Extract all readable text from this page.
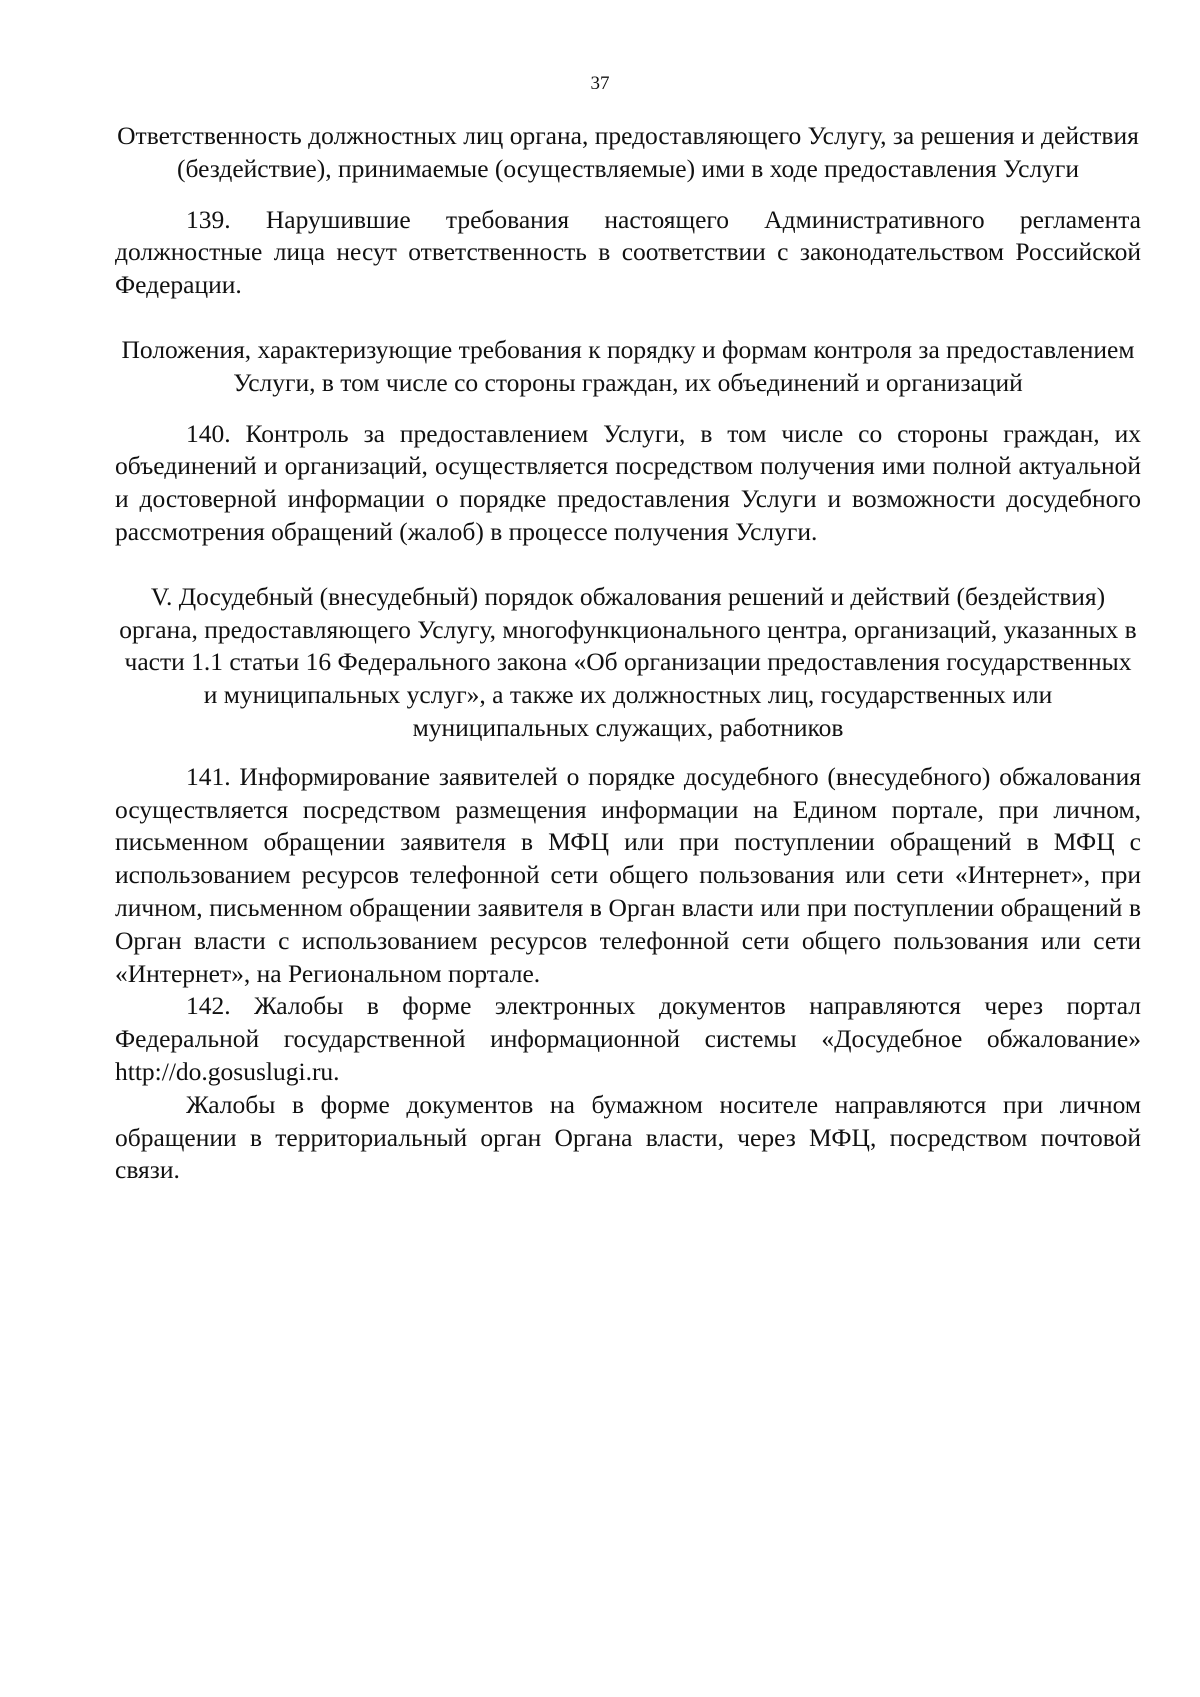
37

Ответственность должностных лиц органа, предоставляющего Услугу, за решения и действия (бездействие), принимаемые (осуществляемые) ими в ходе предоставления Услуги

139. Нарушившие требования настоящего Административного регламента должностные лица несут ответственность в соответствии с законодательством Российской Федерации.

Положения, характеризующие требования к порядку и формам контроля за предоставлением Услуги, в том числе со стороны граждан, их объединений и организаций

140. Контроль за предоставлением Услуги, в том числе со стороны граждан, их объединений и организаций, осуществляется посредством получения ими полной актуальной и достоверной информации о порядке предоставления Услуги и возможности досудебного рассмотрения обращений (жалоб) в процессе получения Услуги.

V. Досудебный (внесудебный) порядок обжалования решений и действий (бездействия) органа, предоставляющего Услугу, многофункционального центра, организаций, указанных в части 1.1 статьи 16 Федерального закона «Об организации предоставления государственных и муниципальных услуг», а также их должностных лиц, государственных или муниципальных служащих, работников

141. Информирование заявителей о порядке досудебного (внесудебного) обжалования осуществляется посредством размещения информации на Едином портале, при личном, письменном обращении заявителя в МФЦ или при поступлении обращений в МФЦ с использованием ресурсов телефонной сети общего пользования или сети «Интернет», при личном, письменном обращении заявителя в Орган власти или при поступлении обращений в Орган власти с использованием ресурсов телефонной сети общего пользования или сети «Интернет», на Региональном портале.

142. Жалобы в форме электронных документов направляются через портал Федеральной государственной информационной системы «Досудебное обжалование» http://do.gosuslugi.ru.

Жалобы в форме документов на бумажном носителе направляются при личном обращении в территориальный орган Органа власти, через МФЦ, посредством почтовой связи.
